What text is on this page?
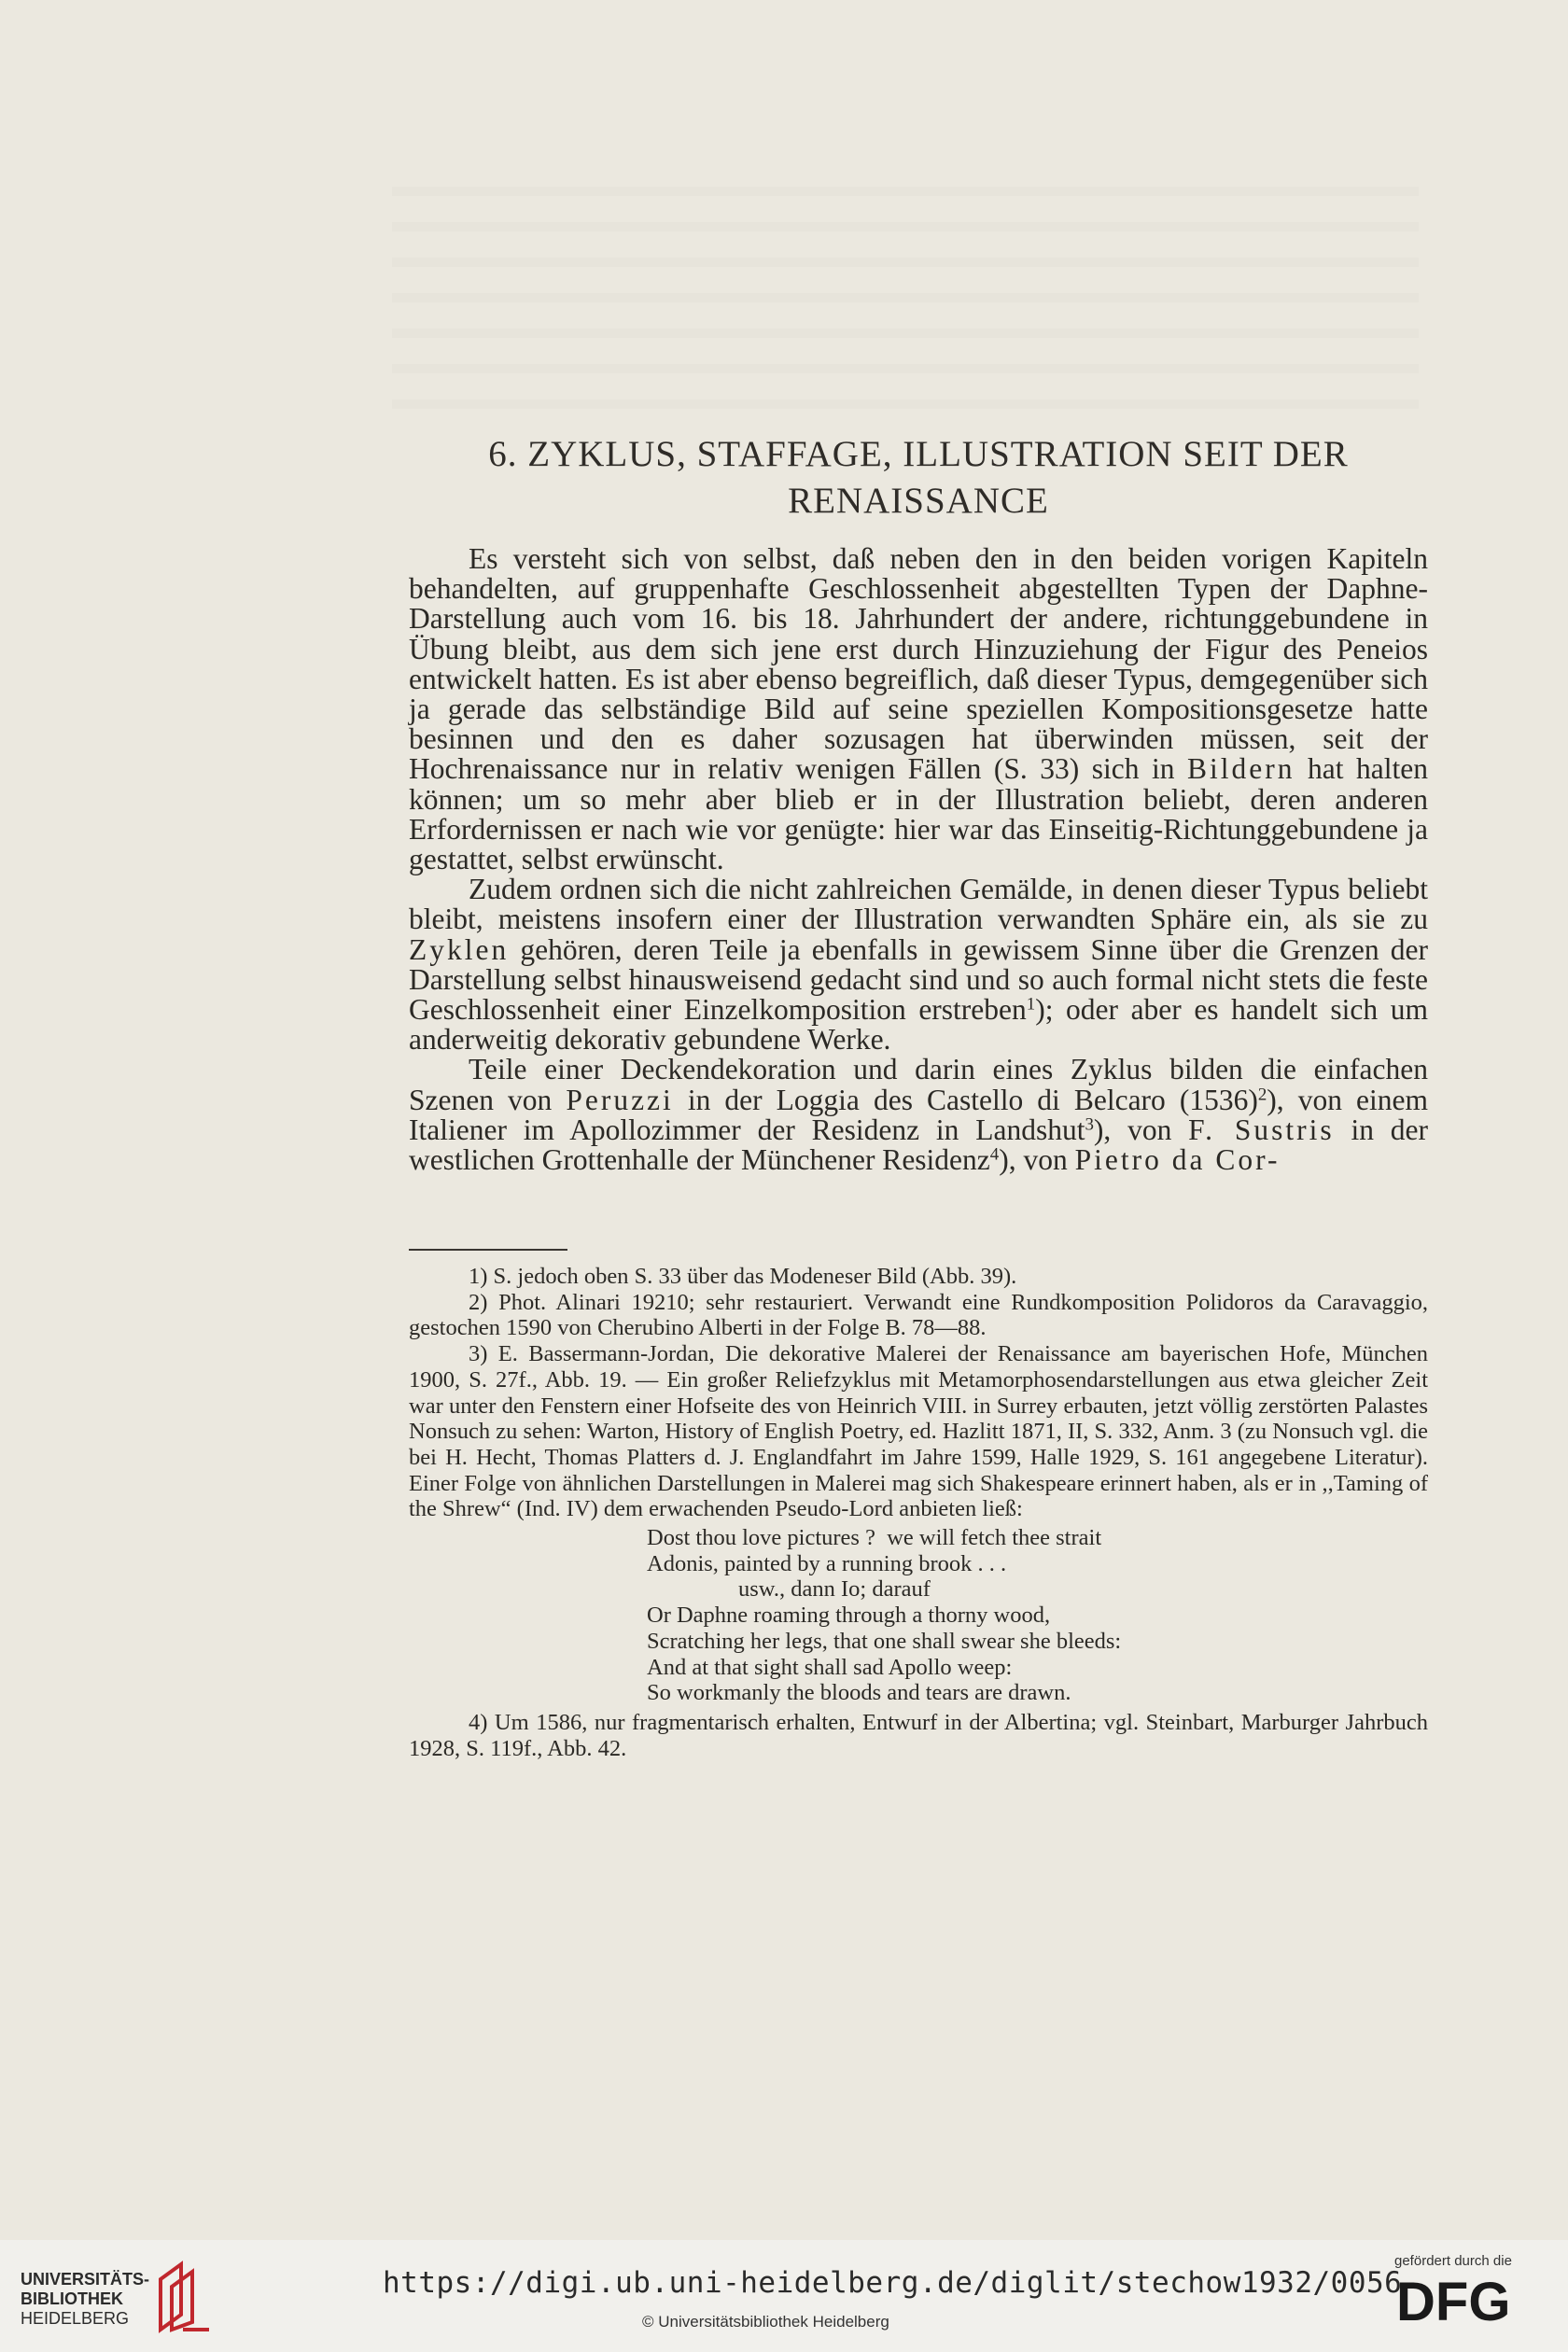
6. ZYKLUS, STAFFAGE, ILLUSTRATION SEIT DER
RENAISSANCE

Es versteht sich von selbst, daß neben den in den beiden vorigen Kapiteln behandelten, auf gruppenhafte Geschlossenheit abgestellten Typen der Daphne-Darstellung auch vom 16. bis 18. Jahrhundert der andere, richtunggebundene in Übung bleibt, aus dem sich jene erst durch Hinzuziehung der Figur des Peneios entwickelt hatten. Es ist aber ebenso begreiflich, daß dieser Typus, demgegenüber sich ja gerade das selbständige Bild auf seine speziellen Kompositionsgesetze hatte besinnen und den es daher sozusagen hat überwinden müssen, seit der Hochrenaissance nur in relativ wenigen Fällen (S. 33) sich in Bildern hat halten können; um so mehr aber blieb er in der Illustration beliebt, deren anderen Erfordernissen er nach wie vor genügte: hier war das Einseitig-Richtunggebundene ja gestattet, selbst erwünscht.

Zudem ordnen sich die nicht zahlreichen Gemälde, in denen dieser Typus beliebt bleibt, meistens insofern einer der Illustration verwandten Sphäre ein, als sie zu Zyklen gehören, deren Teile ja ebenfalls in gewissem Sinne über die Grenzen der Darstellung selbst hinausweisend gedacht sind und so auch formal nicht stets die feste Geschlossenheit einer Einzelkomposition erstreben$^1$); oder aber es handelt sich um anderweitig dekorativ gebundene Werke.

Teile einer Deckendekoration und darin eines Zyklus bilden die einfachen Szenen von Peruzzi in der Loggia des Castello di Belcaro $(1536)^2$), von einem Italiener im Apollozimmer der Residenz in Landshut$^3$), von F. Sustris in der westlichen Grottenhalle der Münchener Residenz$^4$), von Pietro da Cor-

1) S. jedoch oben S. 33 über das Modeneser Bild (Abb. 39).

2) Phot. Alinari 19210; sehr restauriert. Verwandt eine Rundkomposition Polidoros da Caravaggio, gestochen 1590 von Cherubino Alberti in der Folge B. 78—88.

3) E. Bassermann-Jordan, Die dekorative Malerei der Renaissance am bayerischen Hofe, München 1900, S. 27f., Abb. 19. — Ein großer Reliefzyklus mit Metamorphosendarstellungen aus etwa gleicher Zeit war unter den Fenstern einer Hofseite des von Heinrich VIII. in Surrey erbauten, jetzt völlig zerstörten Palastes Nonsuch zu sehen: Warton, History of English Poetry, ed. Hazlitt 1871, II, S. 332, Anm. 3 (zu Nonsuch vgl. die bei H. Hecht, Thomas Platters d. J. Englandfahrt im Jahre 1599, Halle 1929, S. 161 angegebene Literatur). Einer Folge von ähnlichen Darstellungen in Malerei mag sich Shakespeare erinnert haben, als er in ,,Taming of the Shrew“ (Ind. IV) dem erwachenden Pseudo-Lord anbieten ließ:

Dost thou love pictures ?  we will fetch thee strait
Adonis, painted by a running brook . . .
usw., dann Io; darauf
Or Daphne roaming through a thorny wood,
Scratching her legs, that one shall swear she bleeds:
And at that sight shall sad Apollo weep:
So workmanly the bloods and tears are drawn.

4) Um 1586, nur fragmentarisch erhalten, Entwurf in der Albertina; vgl. Steinbart, Marburger Jahrbuch 1928, S. 119f., Abb. 42.

UNIVERSITÄTS-
BIBLIOTHEK
HEIDELBERG
https://digi.ub.uni-heidelberg.de/diglit/stechow1932/0056
© Universitätsbibliothek Heidelberg
gefördert durch die
DFG
